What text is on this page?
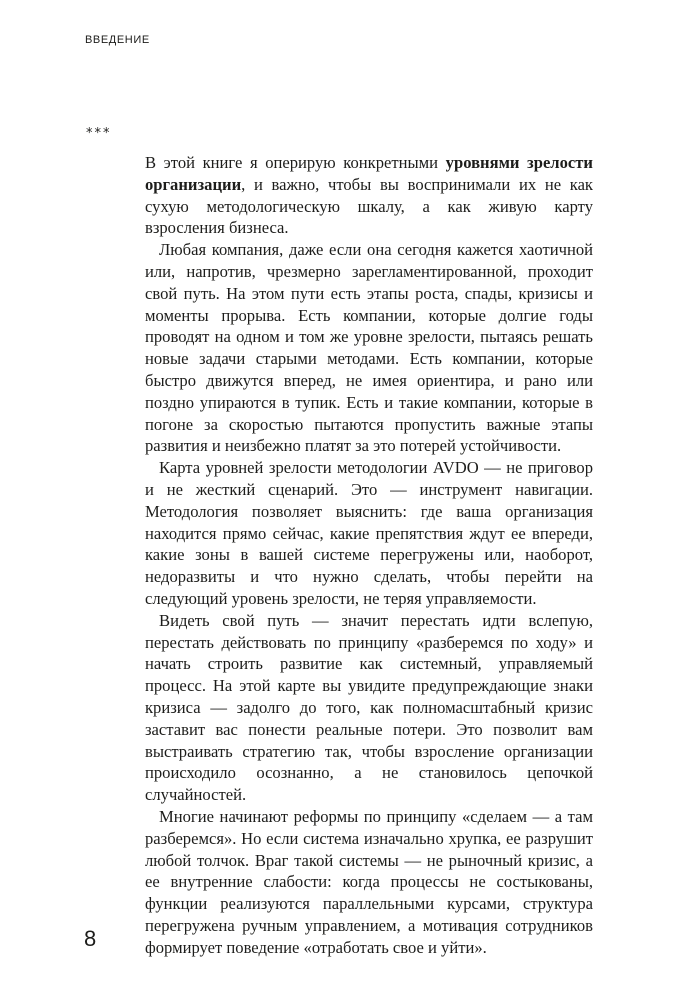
ВВЕДЕНИЕ
***

В этой книге я оперирую конкретными уровнями зрелости организации, и важно, чтобы вы воспринимали их не как сухую методологическую шкалу, а как живую карту взросления бизнеса.

Любая компания, даже если она сегодня кажется хаотичной или, напротив, чрезмерно зарегламентированной, проходит свой путь. На этом пути есть этапы роста, спады, кризисы и моменты прорыва. Есть компании, которые долгие годы проводят на одном и том же уровне зрелости, пытаясь решать новые задачи старыми методами. Есть компании, которые быстро движутся вперед, не имея ориентира, и рано или поздно упираются в тупик. Есть и такие компании, которые в погоне за скоростью пытаются пропустить важные этапы развития и неизбежно платят за это потерей устойчивости.

Карта уровней зрелости методологии AVDO — не приговор и не жесткий сценарий. Это — инструмент навигации. Методология позволяет выяснить: где ваша организация находится прямо сейчас, какие препятствия ждут ее впереди, какие зоны в вашей системе перегружены или, наоборот, недоразвиты и что нужно сделать, чтобы перейти на следующий уровень зрелости, не теряя управляемости.

Видеть свой путь — значит перестать идти вслепую, перестать действовать по принципу «разберемся по ходу» и начать строить развитие как системный, управляемый процесс. На этой карте вы увидите предупреждающие знаки кризиса — задолго до того, как полномасштабный кризис заставит вас понести реальные потери. Это позволит вам выстраивать стратегию так, чтобы взросление организации происходило осознанно, а не становилось цепочкой случайностей.

Многие начинают реформы по принципу «сделаем — а там разберемся». Но если система изначально хрупка, ее разрушит любой толчок. Враг такой системы — не рыночный кризис, а ее внутренние слабости: когда процессы не состыкованы, функции реализуются параллельными курсами, структура перегружена ручным управлением, а мотивация сотрудников формирует поведение «отработать свое и уйти».

8
